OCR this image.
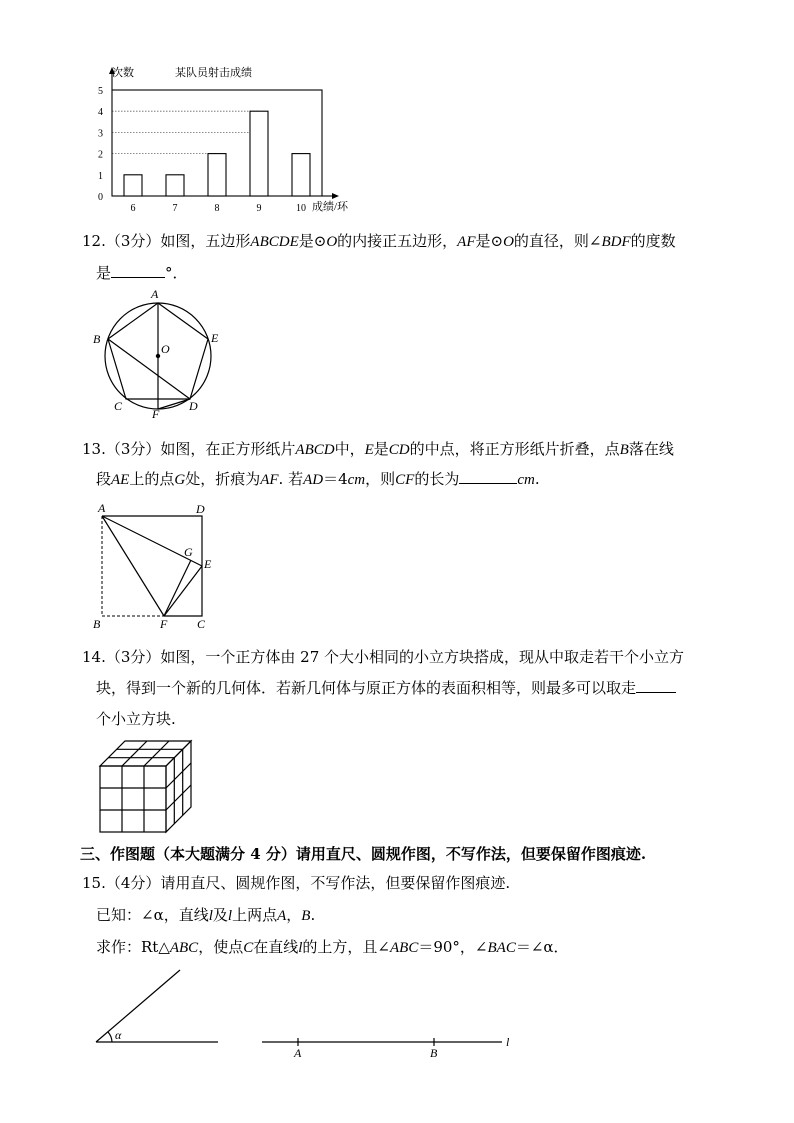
0
1
2
3
4
5
6	7	8	9	10
次数	某队员射击成绩
成绩/环
12.（3分）如图，五边形ABCDE是⊙O的内接正五边形，AF是⊙O的直径，则∠BDF的度数
是	°．
A
B	E
O
C	D
F
13.（3分）如图，在正方形纸片ABCD中，E是CD的中点，将正方形纸片折叠，点B落在线
段AE上的点G处，折痕为AF. 若AD＝4cm，则CF的长为	cm.
A	D
G
E
B	F C
14.（3分）如图，一个正方体由 27 个大小相同的小立方块搭成，现从中取走若干个小立方
块，得到一个新的几何体．若新几何体与原正方体的表面积相等，则最多可以取走
个小立方块.
三、作图题（本大题满分 4 分）请用直尺、圆规作图，不写作法，但要保留作图痕迹.
15.（4分）请用直尺、圆规作图，不写作法，但要保留作图痕迹.
已知：∠α，直线l及l上两点A，B.
求作：Rt△ABC，使点C在直线l的上方，且∠ABC＝90°，∠BAC＝∠α．
α
A	B
l
